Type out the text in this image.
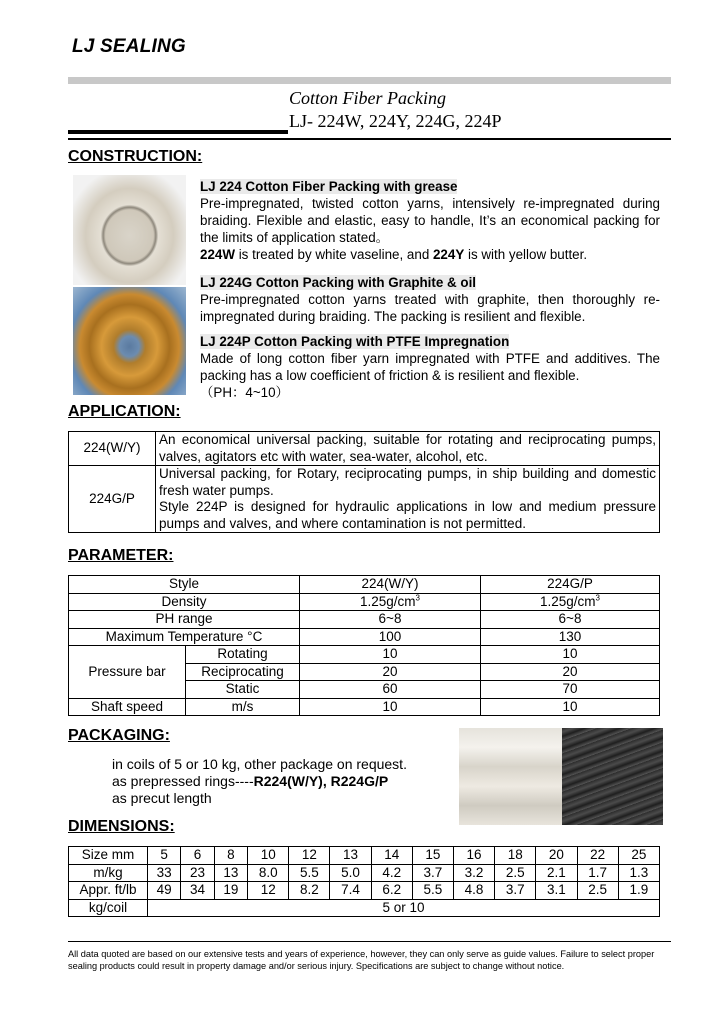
LJ SEALING
Cotton Fiber Packing
LJ- 224W, 224Y, 224G, 224P
CONSTRUCTION:
LJ 224 Cotton Fiber Packing with grease

Pre-impregnated, twisted cotton yarns, intensively re-impregnated during braiding. Flexible and elastic, easy to handle, It’s an economical packing for the limits of application stated。

224W is treated by white vaseline, and 224Y is with yellow butter.

LJ 224G Cotton Packing with Graphite & oil

Pre-impregnated cotton yarns treated with graphite, then thoroughly re-impregnated during braiding. The packing is resilient and flexible.

LJ 224P Cotton Packing with PTFE Impregnation

Made of long cotton fiber yarn impregnated with PTFE and additives. The packing has a low coefficient of friction & is resilient and flexible.

（PH：4~10）

APPLICATION:
224(W/Y)	An economical universal packing, suitable for rotating and reciprocating pumps, valves, agitators etc with water, sea-water, alcohol, etc.
224G/P	Universal packing, for Rotary, reciprocating pumps, in ship building and domestic fresh water pumps.
Style 224P is designed for hydraulic applications in low and medium pressure pumps and valves, and where contamination is not permitted.
PARAMETER:
Style		224(W/Y)	224G/P
Density		$1.25g/cm^3$	$1.25g/cm^3$
PH range		6~8	6~8
Maximum Temperature °C		100	130
Pressure bar	Rotating	10	10
	Reciprocating	20	20
	Static	60	70
Shaft speed	m/s	10	10
PACKAGING:
in coils of 5 or 10 kg, other package on request.
as prepressed rings----R224(W/Y), R224G/P
as precut length
DIMENSIONS:
Size mm	5	6	8	10	12	13	14	15	16	18	20	22	25
m/kg	33	23	13	8.0	5.5	5.0	4.2	3.7	3.2	2.5	2.1	1.7	1.3
Appr. ft/lb	49	34	19	12	8.2	7.4	6.2	5.5	4.8	3.7	3.1	2.5	1.9
kg/coil	5 or 10												
All data quoted are based on our extensive tests and years of experience, however, they can only serve as guide values. Failure to select proper sealing products could result in property damage and/or serious injury. Specifications are subject to change without notice.
